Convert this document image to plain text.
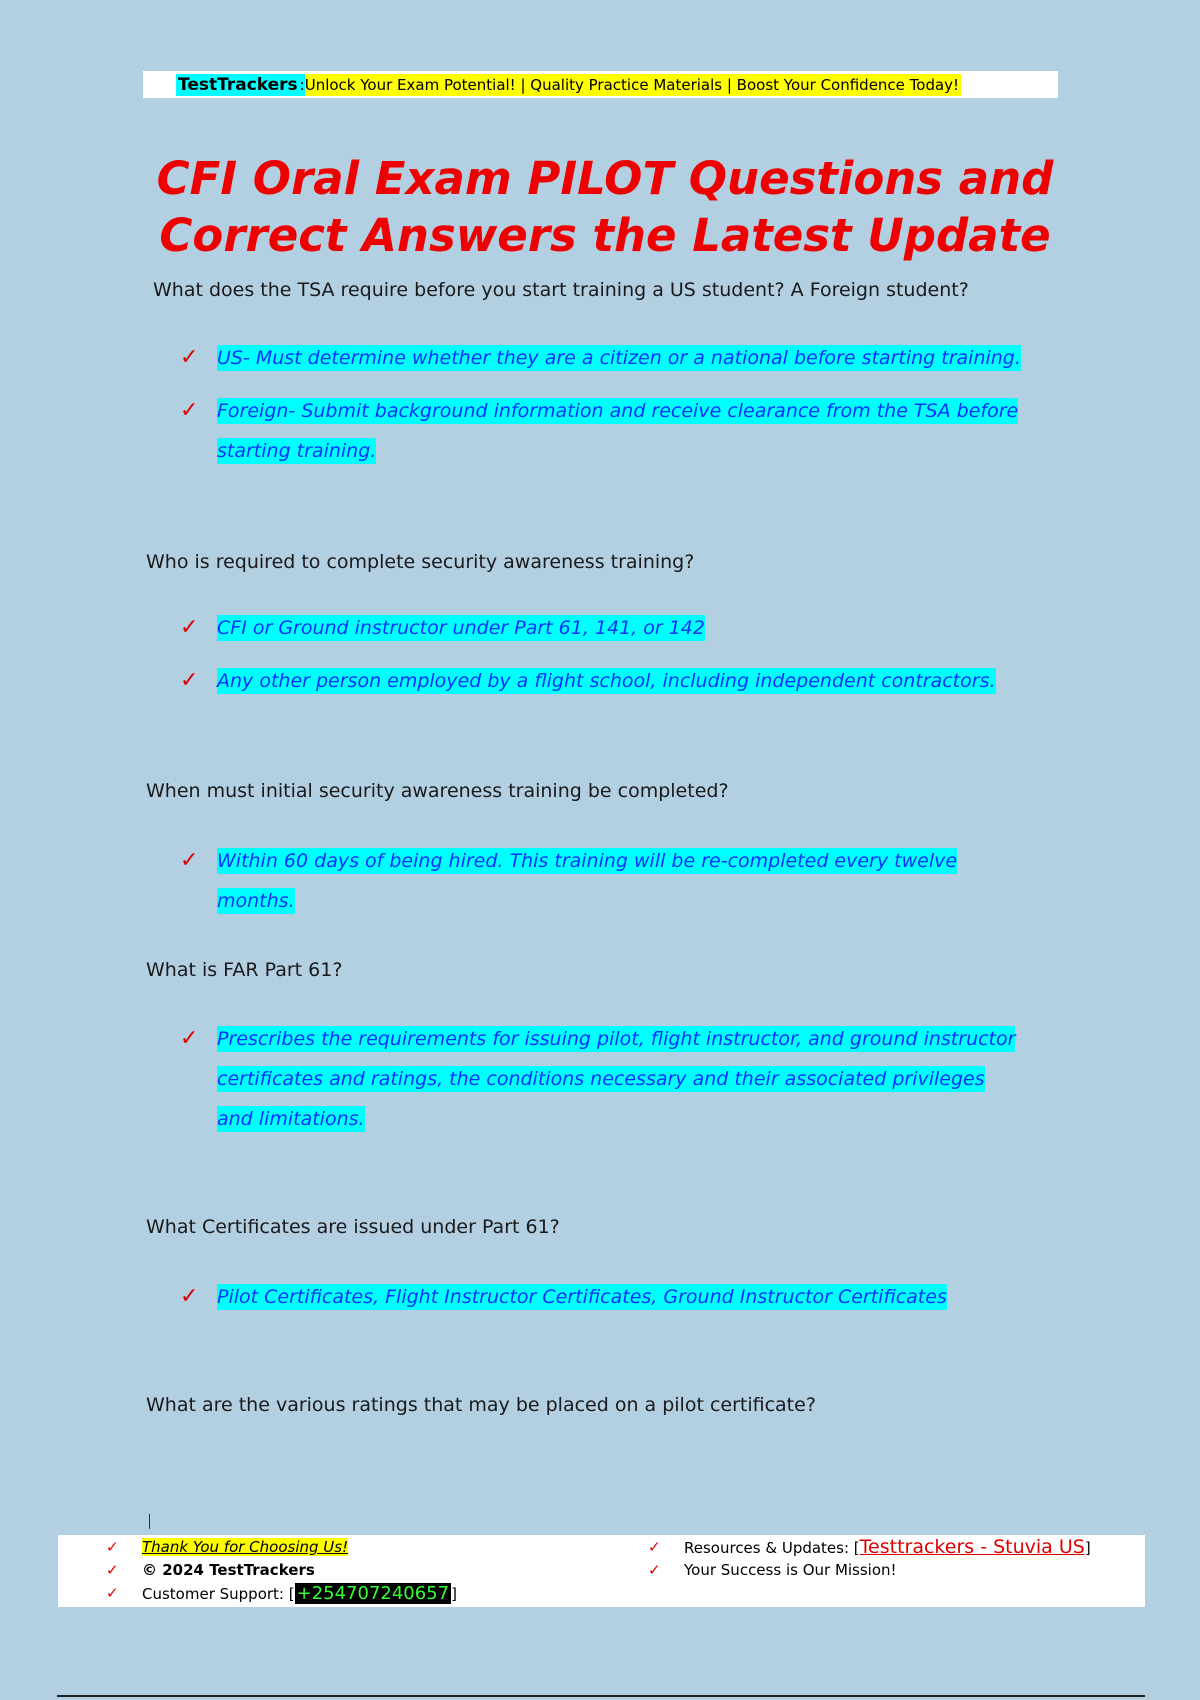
TestTrackers : Unlock Your Exam Potential! | Quality Practice Materials | Boost Your Confidence Today!
CFI Oral Exam PILOT Questions and
Correct Answers the Latest Update

What does the TSA require before you start training a US student? A Foreign student?

✓ US- Must determine whether they are a citizen or a national before starting training.
✓ Foreign- Submit background information and receive clearance from the TSA before starting training.

Who is required to complete security awareness training?

✓ CFI or Ground instructor under Part 61, 141, or 142
✓ Any other person employed by a flight school, including independent contractors.

When must initial security awareness training be completed?

✓ Within 60 days of being hired. This training will be re-completed every twelve months.

What is FAR Part 61?

✓ Prescribes the requirements for issuing pilot, flight instructor, and ground instructor certificates and ratings, the conditions necessary and their associated privileges and limitations.

What Certificates are issued under Part 61?

✓ Pilot Certificates, Flight Instructor Certificates, Ground Instructor Certificates

What are the various ratings that may be placed on a pilot certificate?

✓ Thank You for Choosing Us!
✓ © 2024 TestTrackers
✓ Customer Support: [ +254707240657 ]
✓ Resources & Updates: [Testtrackers - Stuvia US]
✓ Your Success is Our Mission!
